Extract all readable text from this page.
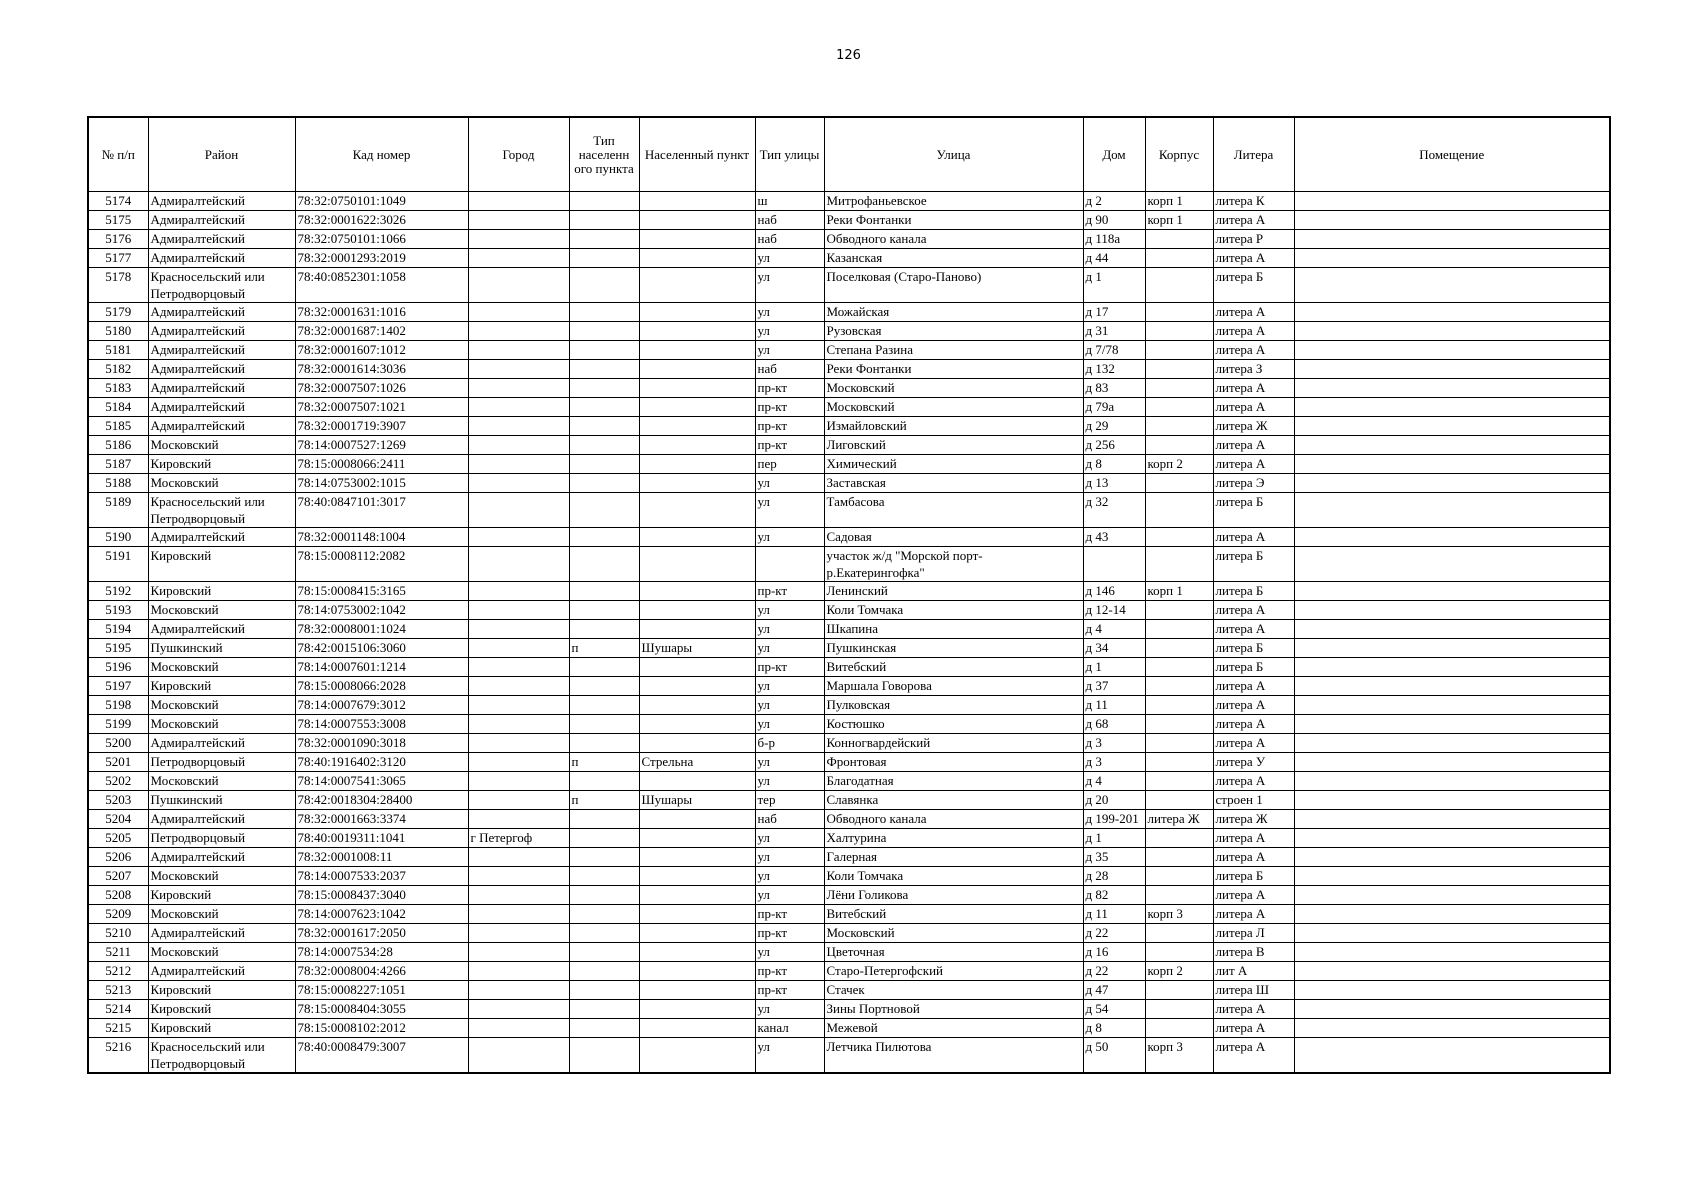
126
№ п/п	Район	Кад номер	Город	Тип населенн ого пункта	Населенный пункт	Тип улицы	Улица	Дом	Корпус	Литера	Помещение
5174	Адмиралтейский	78:32:0750101:1049				ш	Митрофаньевское	д 2	корп 1	литера К	
5175	Адмиралтейский	78:32:0001622:3026				наб	Реки Фонтанки	д 90	корп 1	литера А	
5176	Адмиралтейский	78:32:0750101:1066				наб	Обводного канала	д 118а		литера Р	
5177	Адмиралтейский	78:32:0001293:2019				ул	Казанская	д 44		литера А	
5178	Красносельский или Петродворцовый	78:40:0852301:1058				ул	Поселковая (Старо-Паново)	д 1		литера Б	
5179	Адмиралтейский	78:32:0001631:1016				ул	Можайская	д 17		литера А	
5180	Адмиралтейский	78:32:0001687:1402				ул	Рузовская	д 31		литера А	
5181	Адмиралтейский	78:32:0001607:1012				ул	Степана Разина	д 7/78		литера А	
5182	Адмиралтейский	78:32:0001614:3036				наб	Реки Фонтанки	д 132		литера З	
5183	Адмиралтейский	78:32:0007507:1026				пр-кт	Московский	д 83		литера А	
5184	Адмиралтейский	78:32:0007507:1021				пр-кт	Московский	д 79а		литера А	
5185	Адмиралтейский	78:32:0001719:3907				пр-кт	Измайловский	д 29		литера Ж	
5186	Московский	78:14:0007527:1269				пр-кт	Лиговский	д 256		литера А	
5187	Кировский	78:15:0008066:2411				пер	Химический	д 8	корп 2	литера А	
5188	Московский	78:14:0753002:1015				ул	Заставская	д 13		литера Э	
5189	Красносельский или Петродворцовый	78:40:0847101:3017				ул	Тамбасова	д 32		литера Б	
5190	Адмиралтейский	78:32:0001148:1004				ул	Садовая	д 43		литера А	
5191	Кировский	78:15:0008112:2082					участок ж/д "Морской порт-р.Екатерингофка"			литера Б	
5192	Кировский	78:15:0008415:3165				пр-кт	Ленинский	д 146	корп 1	литера Б	
5193	Московский	78:14:0753002:1042				ул	Коли Томчака	д 12-14		литера А	
5194	Адмиралтейский	78:32:0008001:1024				ул	Шкапина	д 4		литера А	
5195	Пушкинский	78:42:0015106:3060		п	Шушары	ул	Пушкинская	д 34		литера Б	
5196	Московский	78:14:0007601:1214				пр-кт	Витебский	д 1		литера Б	
5197	Кировский	78:15:0008066:2028				ул	Маршала Говорова	д 37		литера А	
5198	Московский	78:14:0007679:3012				ул	Пулковская	д 11		литера А	
5199	Московский	78:14:0007553:3008				ул	Костюшко	д 68		литера А	
5200	Адмиралтейский	78:32:0001090:3018				б-р	Конногвардейский	д 3		литера А	
5201	Петродворцовый	78:40:1916402:3120		п	Стрельна	ул	Фронтовая	д 3		литера У	
5202	Московский	78:14:0007541:3065				ул	Благодатная	д 4		литера А	
5203	Пушкинский	78:42:0018304:28400		п	Шушары	тер	Славянка	д 20		строен 1	
5204	Адмиралтейский	78:32:0001663:3374				наб	Обводного канала	д 199-201	литера Ж	литера Ж	
5205	Петродворцовый	78:40:0019311:1041	г Петергоф			ул	Халтурина	д 1		литера А	
5206	Адмиралтейский	78:32:0001008:11				ул	Галерная	д 35		литера А	
5207	Московский	78:14:0007533:2037				ул	Коли Томчака	д 28		литера Б	
5208	Кировский	78:15:0008437:3040				ул	Лёни Голикова	д 82		литера А	
5209	Московский	78:14:0007623:1042				пр-кт	Витебский	д 11	корп 3	литера А	
5210	Адмиралтейский	78:32:0001617:2050				пр-кт	Московский	д 22		литера Л	
5211	Московский	78:14:0007534:28				ул	Цветочная	д 16		литера В	
5212	Адмиралтейский	78:32:0008004:4266				пр-кт	Старо-Петергофский	д 22	корп 2	лит А	
5213	Кировский	78:15:0008227:1051				пр-кт	Стачек	д 47		литера Ш	
5214	Кировский	78:15:0008404:3055				ул	Зины Портновой	д 54		литера А	
5215	Кировский	78:15:0008102:2012				канал	Межевой	д 8		литера А	
5216	Красносельский или Петродворцовый	78:40:0008479:3007				ул	Летчика Пилютова	д 50	корп 3	литера А	
